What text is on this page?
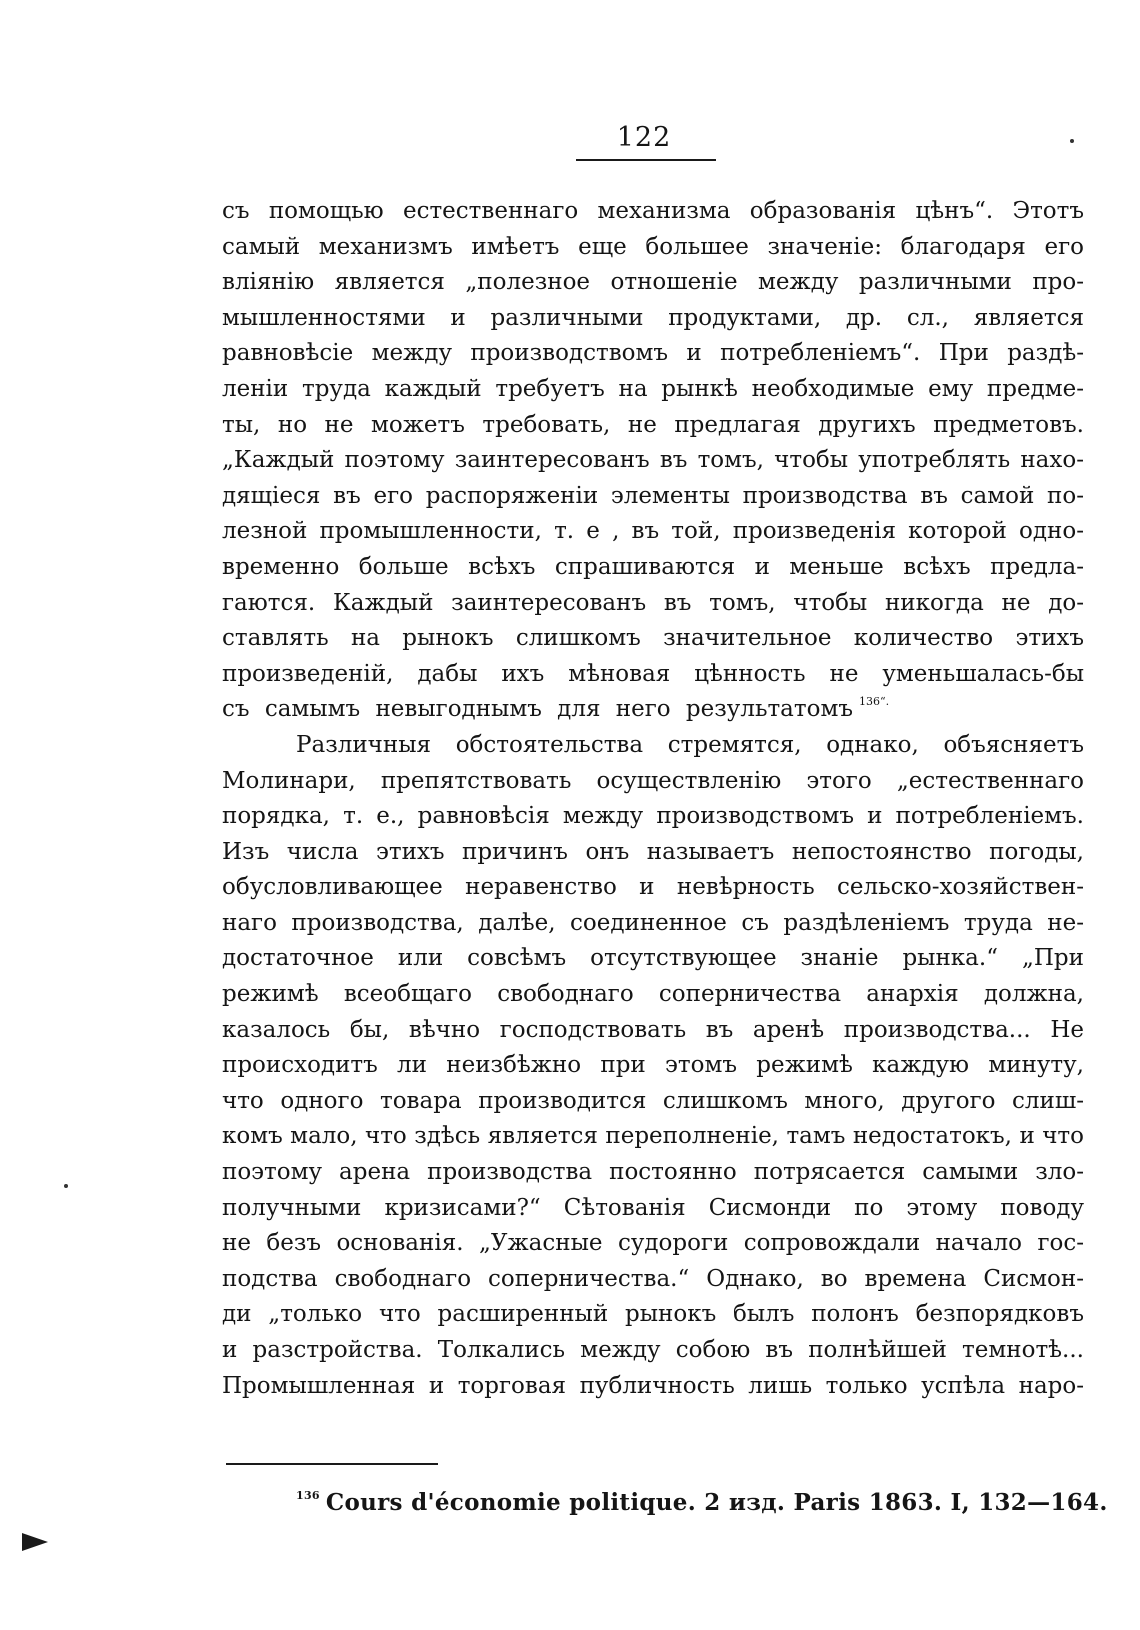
122
съ помощью естественнаго механизма образованія цѣнъ“. Этотъ
самый механизмъ имѣетъ еще большее значеніе: благодаря его
вліянію является „полезное отношеніе между различными про-
мышленностями и различными продуктами, др. сл., является
равновѣсіе между производствомъ и потребленіемъ“. При раздѣ-
леніи труда каждый требуетъ на рынкѣ необходимые ему предме-
ты, но не можетъ требовать, не предлагая другихъ предметовъ.
„Каждый поэтому заинтересованъ въ томъ, чтобы употреблять нахо-
дящіеся въ его распоряженіи элементы производства въ самой по-
лезной промышленности, т. е , въ той, произведенія которой одно-
временно больше всѣхъ спрашиваются и меньше всѣхъ предла-
гаются. Каждый заинтересованъ въ томъ, чтобы никогда не до-
ставлять на рынокъ слишкомъ значительное количество этихъ
произведеній, дабы ихъ мѣновая цѣнность не уменьшалась-бы
съ самымъ невыгоднымъ для него результатомъ $^{136“.}$
Различныя обстоятельства стремятся, однако, объясняетъ
Молинари, препятствовать осуществленію этого „естественнаго
порядка, т. е., равновѣсія между производствомъ и потребленіемъ.
Изъ числа этихъ причинъ онъ называетъ непостоянство погоды,
обусловливающее неравенство и невѣрность сельско-хозяйствен-
наго производства, далѣе, соединенное съ раздѣленіемъ труда не-
достаточное или совсѣмъ отсутствующее знаніе рынка.“ „При
режимѣ всеобщаго свободнаго соперничества анархія должна,
казалось бы, вѣчно господствовать въ аренѣ производства... Не
происходитъ ли неизбѣжно при этомъ режимѣ каждую минуту,
что одного товара производится слишкомъ много, другого слиш-
комъ мало, что здѣсь является переполненіе, тамъ недостатокъ, и что
поэтому арена производства постоянно потрясается самыми зло-
получными кризисами?“ Сѣтованія Сисмонди по этому поводу
не безъ основанія. „Ужасные судороги сопровождали начало гос-
подства свободнаго соперничества.“ Однако, во времена Сисмон-
ди „только что расширенный рынокъ былъ полонъ безпорядковъ
и разстройства. Толкались между собою въ полнѣйшей темнотѣ...
Промышленная и торговая публичность лишь только успѣла наро-
$^{136}$ Cours d'économie politique. 2 изд. Paris 1863. I, 132—164.
